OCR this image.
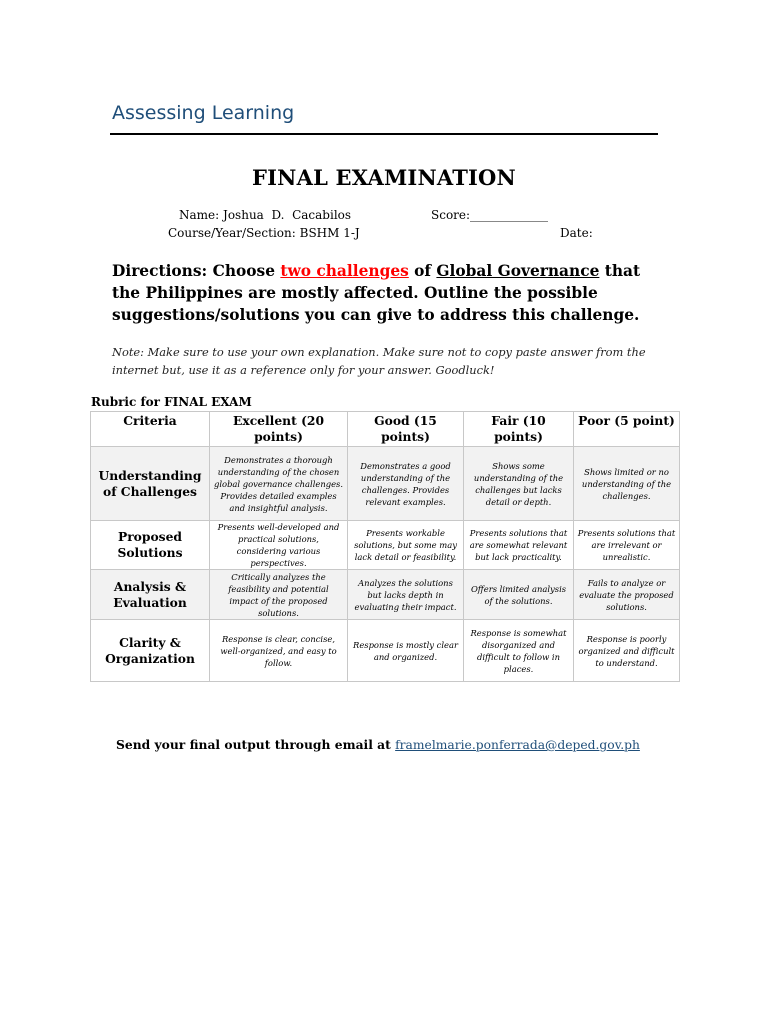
Assessing Learning
FINAL EXAMINATION
Name: Joshua  D.  Cacabilos	Score:_____________
Course/Year/Section: BSHM 1-J	Date:
Directions: Choose two challenges of Global Governance that the Philippines are mostly affected. Outline the possible suggestions/solutions you can give to address this challenge.
Note: Make sure to use your own explanation. Make sure not to copy paste answer from the internet but, use it as a reference only for your answer. Goodluck!
Rubric for FINAL EXAM
Criteria	Excellent (20 points)	Good (15 points)	Fair (10 points)	Poor (5 point)
Understanding of Challenges	Demonstrates a thorough understanding of the chosen global governance challenges. Provides detailed examples and insightful analysis.	Demonstrates a good understanding of the challenges. Provides relevant examples.	Shows some understanding of the challenges but lacks detail or depth.	Shows limited or no understanding of the challenges.
Proposed Solutions	Presents well-developed and practical solutions, considering various perspectives.	Presents workable solutions, but some may lack detail or feasibility.	Presents solutions that are somewhat relevant but lack practicality.	Presents solutions that are irrelevant or unrealistic.
Analysis & Evaluation	Critically analyzes the feasibility and potential impact of the proposed solutions.	Analyzes the solutions but lacks depth in evaluating their impact.	Offers limited analysis of the solutions.	Fails to analyze or evaluate the proposed solutions.
Clarity & Organization	Response is clear, concise, well-organized, and easy to follow.	Response is mostly clear and organized.	Response is somewhat disorganized and difficult to follow in places.	Response is poorly organized and difficult to understand.
Send your final output through email at framelmarie.ponferrada@deped.gov.ph
